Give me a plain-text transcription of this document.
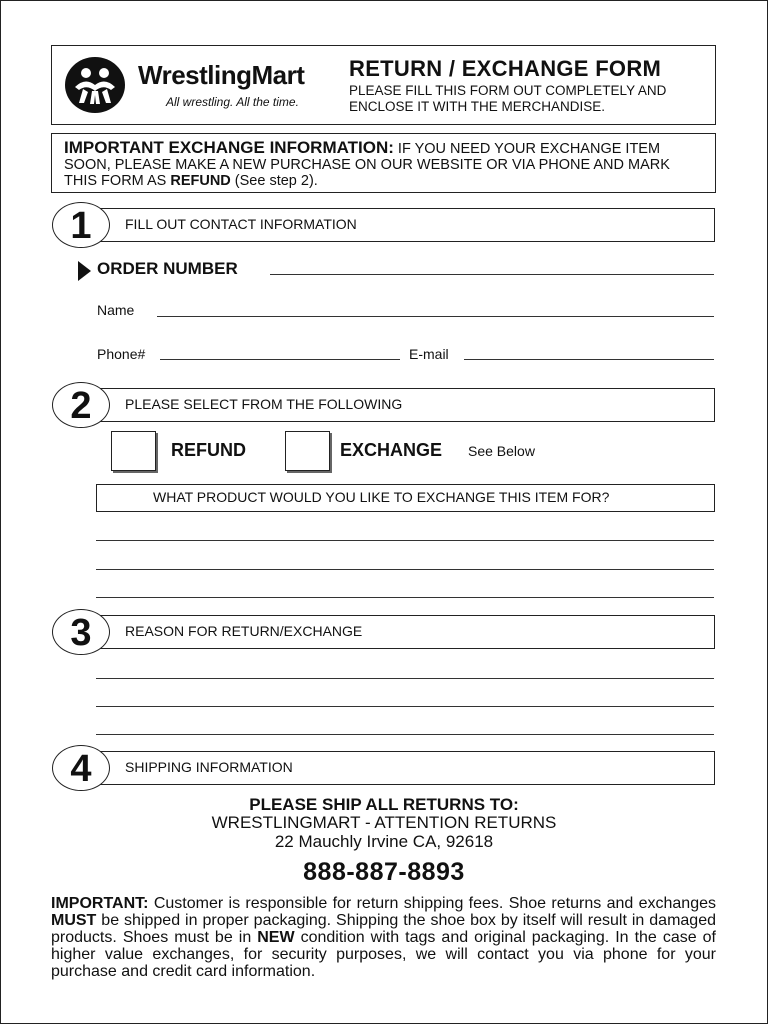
WrestlingMart
All wrestling. All the time.
RETURN / EXCHANGE FORM
PLEASE FILL THIS FORM OUT COMPLETELY AND ENCLOSE IT WITH THE MERCHANDISE.
IMPORTANT EXCHANGE INFORMATION: IF YOU NEED YOUR EXCHANGE ITEM SOON, PLEASE MAKE A NEW PURCHASE ON OUR WEBSITE OR VIA PHONE AND MARK THIS FORM AS REFUND (See step 2).
FILL OUT CONTACT INFORMATION
1
ORDER NUMBER
Name
Phone#	E-mail
PLEASE SELECT FROM THE FOLLOWING
2
REFUND	EXCHANGE See Below
WHAT PRODUCT WOULD YOU LIKE TO EXCHANGE THIS ITEM FOR?
REASON FOR RETURN/EXCHANGE
3
SHIPPING INFORMATION
4
PLEASE SHIP ALL RETURNS TO:
WRESTLINGMART - ATTENTION RETURNS
22 Mauchly Irvine CA, 92618
888-887-8893
IMPORTANT: Customer is responsible for return shipping fees. Shoe returns and exchanges MUST be shipped in proper packaging. Shipping the shoe box by itself will result in damaged products. Shoes must be in NEW condition with tags and original packaging. In the case of higher value exchanges, for security purposes, we will contact you via phone for your purchase and credit card information.
